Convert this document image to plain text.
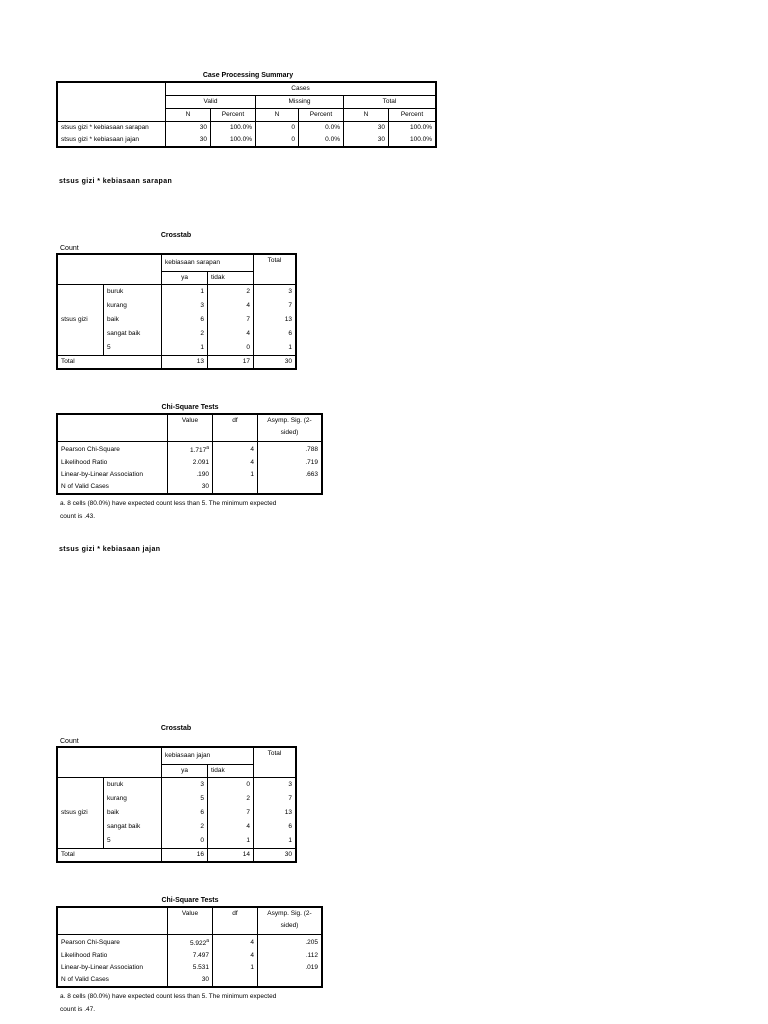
Case Processing Summary
	Cases					
	Valid		Missing		Total	
	N	Percent	N	Percent	N	Percent
stsus gizi * kebiasaan sarapan	30	100.0%	0	0.0%	30	100.0%
stsus gizi * kebiasaan jajan	30	100.0%	0	0.0%	30	100.0%
stsus gizi * kebiasaan sarapan
Crosstab
Count
		kebiasaan sarapan		Total
		ya	tidak	
stsus gizi	buruk	1	2	3
	kurang	3	4	7
	baik	6	7	13
	sangat baik	2	4	6
	5	1	0	1
Total		13	17	30
Chi-Square Tests
	Value	df	Asymp. Sig. (2-
sided)
Pearson Chi-Square	1.717$^a$	4	.788
Likelihood Ratio	2.091	4	.719
Linear-by-Linear Association	.190	1	.663
N of Valid Cases	30		
a. 8 cells (80.0%) have expected count less than 5. The minimum expected
count is .43.
stsus gizi * kebiasaan jajan
Crosstab
Count
		kebiasaan jajan		Total
		ya	tidak	
stsus gizi	buruk	3	0	3
	kurang	5	2	7
	baik	6	7	13
	sangat baik	2	4	6
	5	0	1	1
Total		16	14	30
Chi-Square Tests
	Value	df	Asymp. Sig. (2-
sided)
Pearson Chi-Square	5.922$^a$	4	.205
Likelihood Ratio	7.497	4	.112
Linear-by-Linear Association	5.531	1	.019
N of Valid Cases	30		
a. 8 cells (80.0%) have expected count less than 5. The minimum expected
count is .47.
